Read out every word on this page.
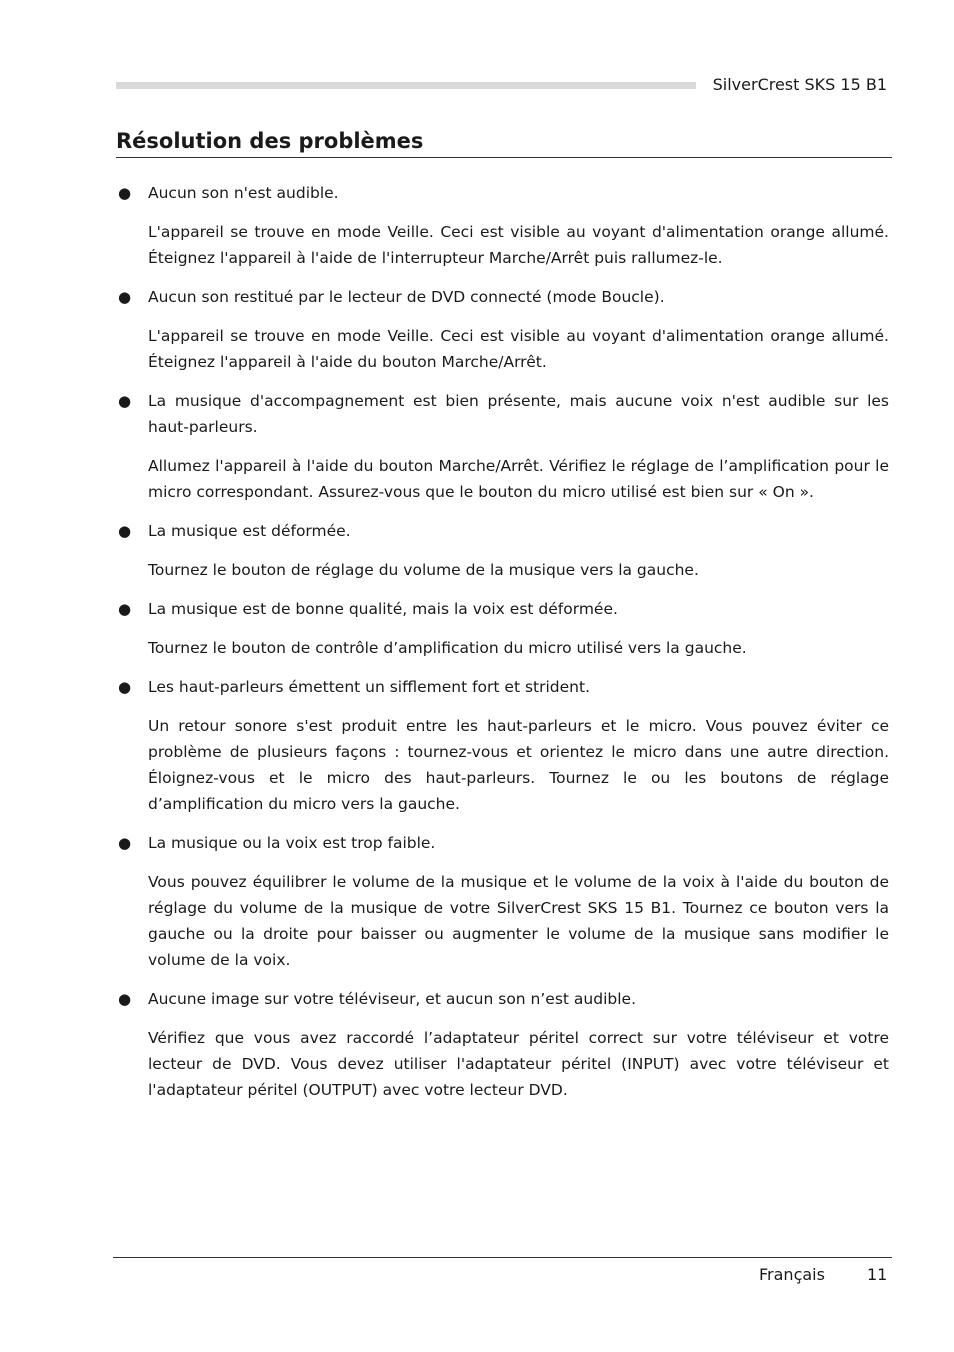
SilverCrest SKS 15 B1
Résolution des problèmes
● Aucun son n'est audible.
L'appareil se trouve en mode Veille. Ceci est visible au voyant d'alimentation orange allumé. Éteignez l'appareil à l'aide de l'interrupteur Marche/Arrêt puis rallumez-le.
● Aucun son restitué par le lecteur de DVD connecté (mode Boucle).
L'appareil se trouve en mode Veille. Ceci est visible au voyant d'alimentation orange allumé. Éteignez l'appareil à l'aide du bouton Marche/Arrêt.
● La musique d'accompagnement est bien présente, mais aucune voix n'est audible sur les haut-parleurs.
Allumez l'appareil à l'aide du bouton Marche/Arrêt. Vérifiez le réglage de l’amplification pour le micro correspondant. Assurez-vous que le bouton du micro utilisé est bien sur « On ».
● La musique est déformée.
Tournez le bouton de réglage du volume de la musique vers la gauche.
● La musique est de bonne qualité, mais la voix est déformée.
Tournez le bouton de contrôle d’amplification du micro utilisé vers la gauche.
● Les haut-parleurs émettent un sifflement fort et strident.
Un retour sonore s'est produit entre les haut-parleurs et le micro. Vous pouvez éviter ce problème de plusieurs façons : tournez-vous et orientez le micro dans une autre direction. Éloignez-vous et le micro des haut-parleurs. Tournez le ou les boutons de réglage d’amplification du micro vers la gauche.
● La musique ou la voix est trop faible.
Vous pouvez équilibrer le volume de la musique et le volume de la voix à l'aide du bouton de réglage du volume de la musique de votre SilverCrest SKS 15 B1. Tournez ce bouton vers la gauche ou la droite pour baisser ou augmenter le volume de la musique sans modifier le volume de la voix.
● Aucune image sur votre téléviseur, et aucun son n’est audible.
Vérifiez que vous avez raccordé l’adaptateur péritel correct sur votre téléviseur et votre lecteur de DVD. Vous devez utiliser l'adaptateur péritel (INPUT) avec votre téléviseur et l'adaptateur péritel (OUTPUT) avec votre lecteur DVD.
Français	11
